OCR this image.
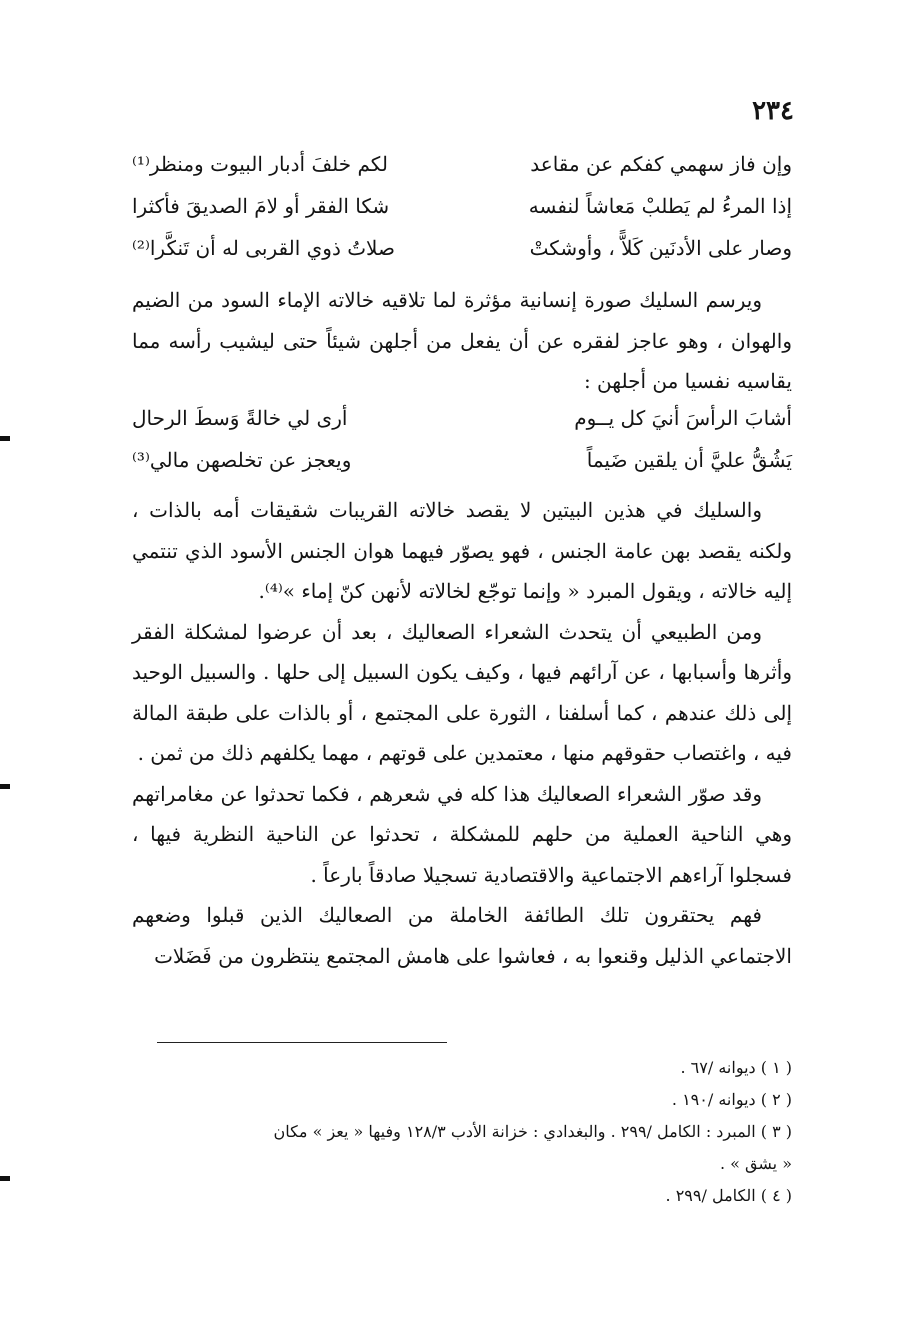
٢٣٤
وإن فاز سهمي كفكم عن مقاعد
لكم خلفَ أدبار البيوت ومنظر⁽¹⁾
إذا المرءُ لم يَطلبْ مَعاشاً لنفسه
شكا الفقر أو لامَ الصديقَ فأكثرا
وصار على الأدنَين كَلاًّ ، وأوشكتْ
صلاتُ ذوي القربى له أن تَنكَّرا⁽²⁾

ويرسم السليك صورة إنسانية مؤثرة لما تلاقيه خالاته الإماء السود من الضيم والهوان ، وهو عاجز لفقره عن أن يفعل من أجلهن شيئاً حتى ليشيب رأسه مما يقاسيه نفسيا من أجلهن :

أشابَ الرأسَ أنيَ كل يــوم
أرى لي خالةً وَسطَ الرحال
يَشُقُّ عليَّ أن يلقين ضَيماً
ويعجز عن تخلصهن مالي⁽³⁾

والسليك في هذين البيتين لا يقصد خالاته القريبات شقيقات أمه بالذات ، ولكنه يقصد بهن عامة الجنس ، فهو يصوّر فيهما هوان الجنس الأسود الذي تنتمي إليه خالاته ، ويقول المبرد « وإنما توجّع لخالاته لأنهن كنّ إماء »⁽⁴⁾.

ومن الطبيعي أن يتحدث الشعراء الصعاليك ، بعد أن عرضوا لمشكلة الفقر وأثرها وأسبابها ، عن آرائهم فيها ، وكيف يكون السبيل إلى حلها . والسبيل الوحيد إلى ذلك عندهم ، كما أسلفنا ، الثورة على المجتمع ، أو بالذات على طبقة المالة فيه ، واغتصاب حقوقهم منها ، معتمدين على قوتهم ، مهما يكلفهم ذلك من ثمن .

وقد صوّر الشعراء الصعاليك هذا كله في شعرهم ، فكما تحدثوا عن مغامراتهم وهي الناحية العملية من حلهم للمشكلة ، تحدثوا عن الناحية النظرية فيها ، فسجلوا آراءهم الاجتماعية والاقتصادية تسجيلا صادقاً بارعاً .

فهم يحتقرون تلك الطائفة الخاملة من الصعاليك الذين قبلوا وضعهم الاجتماعي الذليل وقنعوا به ، فعاشوا على هامش المجتمع ينتظرون من فَضَلات

( ١ ) ديوانه /٦٧ .
( ٢ ) ديوانه /١٩٠ .
( ٣ ) المبرد : الكامل /٢٩٩ . والبغدادي : خزانة الأدب ١٢٨/٣ وفيها « يعز » مكان
« يشق » .
( ٤ ) الكامل /٢٩٩ .
